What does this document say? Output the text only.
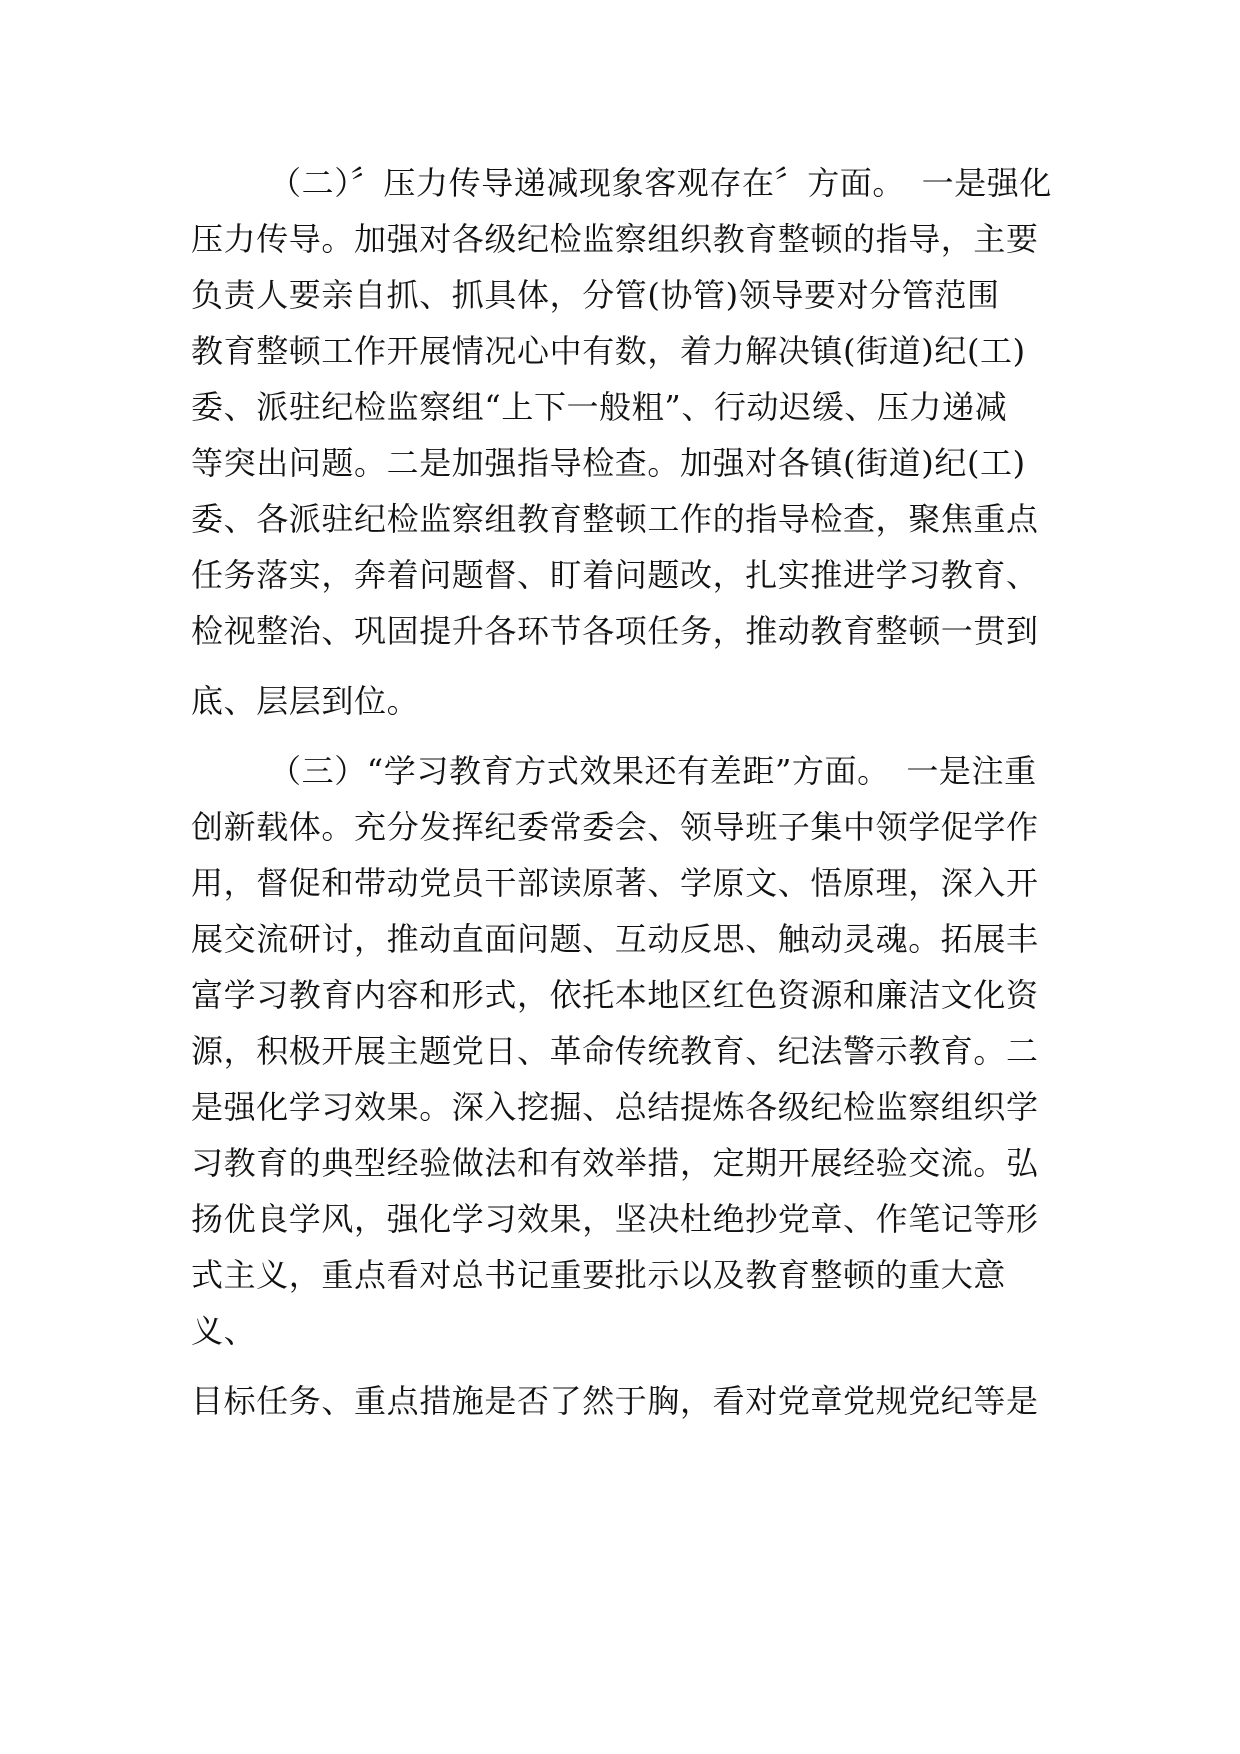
（二）〞压力传导递减现象客观存在〞方面。　一是强化
压力传导。加强对各级纪检监察组织教育整顿的指导，主要
负责人要亲自抓、抓具体，分管(协管)领导要对分管范围
教育整顿工作开展情况心中有数，着力解决镇(街道)纪(工)
委、派驻纪检监察组“上下一般粗”、行动迟缓、压力递减
等突出问题。二是加强指导检查。加强对各镇(街道)纪(工)
委、各派驻纪检监察组教育整顿工作的指导检查，聚焦重点
任务落实，奔着问题督、盯着问题改，扎实推进学习教育、
检视整治、巩固提升各环节各项任务，推动教育整顿一贯到
底、层层到位。
（三）“学习教育方式效果还有差距”方面。　一是注重
创新载体。充分发挥纪委常委会、领导班子集中领学促学作
用，督促和带动党员干部读原著、学原文、悟原理，深入开
展交流研讨，推动直面问题、互动反思、触动灵魂。拓展丰
富学习教育内容和形式，依托本地区红色资源和廉洁文化资
源，积极开展主题党日、革命传统教育、纪法警示教育。二
是强化学习效果。深入挖掘、总结提炼各级纪检监察组织学
习教育的典型经验做法和有效举措，定期开展经验交流。弘
扬优良学风，强化学习效果，坚决杜绝抄党章、作笔记等形
式主义，重点看对总书记重要批示以及教育整顿的重大意
义、
目标任务、重点措施是否了然于胸，看对党章党规党纪等是
